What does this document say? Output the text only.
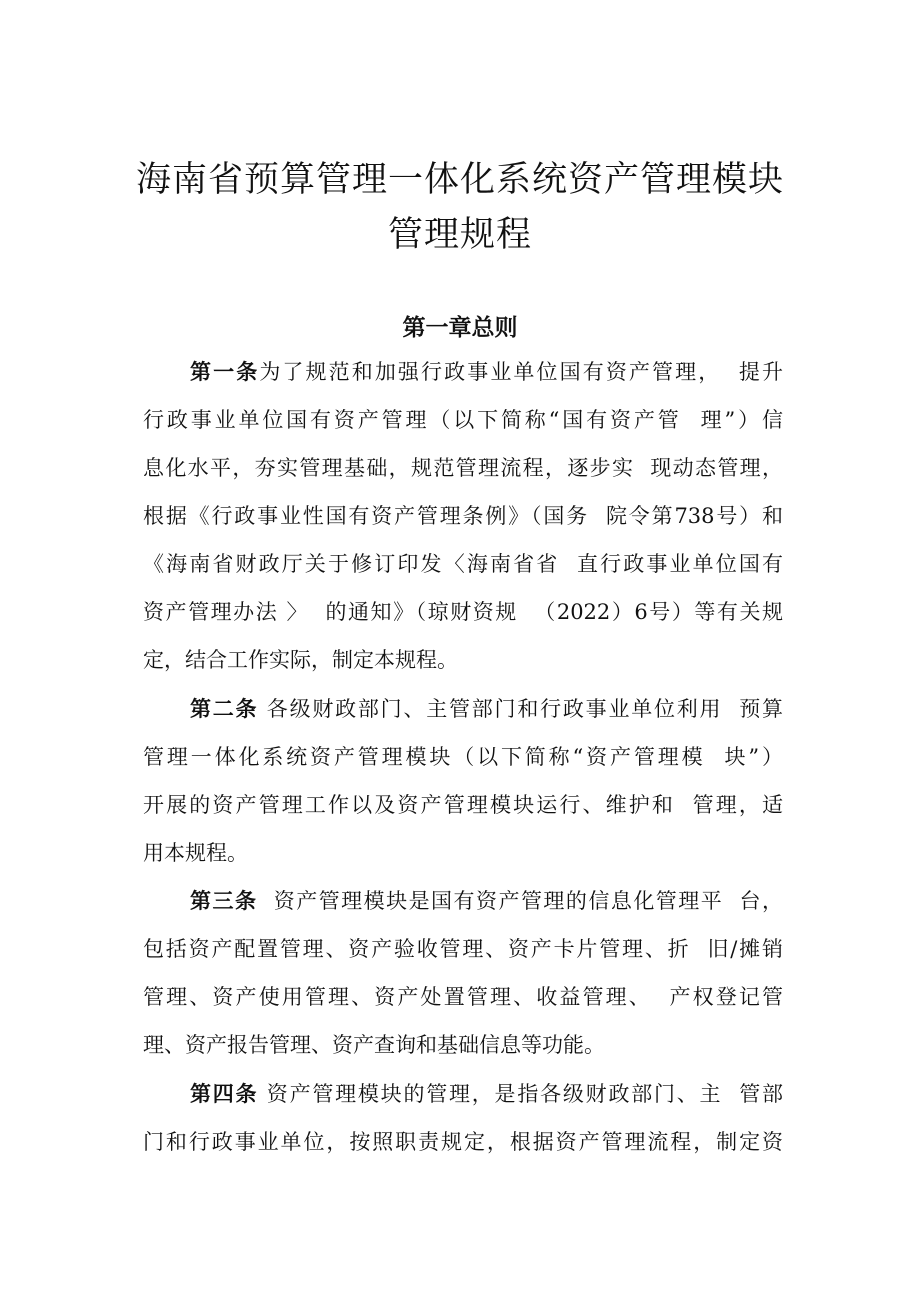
海南省预算管理一体化系统资产管理模块
管理规程
第一章总则
第一条为了规范和加强行政事业单位国有资产管理，  提升
行政事业单位国有资产管理（以下简称“国有资产管  理”）信
息化水平，夯实管理基础，规范管理流程，逐步实  现动态管理，
根据《行政事业性国有资产管理条例》（国务  院令第738号）和
《海南省财政厅关于修订印发〈海南省省  直行政事业单位国有
资产管理办法 〉  的通知》（琼财资规  （2022）6号）等有关规
定，结合工作实际，制定本规程。
第二条 各级财政部门、主管部门和行政事业单位利用  预算
管理一体化系统资产管理模块（以下简称“资产管理模  块”）
开展的资产管理工作以及资产管理模块运行、维护和  管理，适
用本规程。
第三条  资产管理模块是国有资产管理的信息化管理平  台，
包括资产配置管理、资产验收管理、资产卡片管理、折  旧/摊销
管理、资产使用管理、资产处置管理、收益管理、  产权登记管
理、资产报告管理、资产查询和基础信息等功能。
第四条 资产管理模块的管理，是指各级财政部门、主  管部
门和行政事业单位，按照职责规定，根据资产管理流程，制定资
